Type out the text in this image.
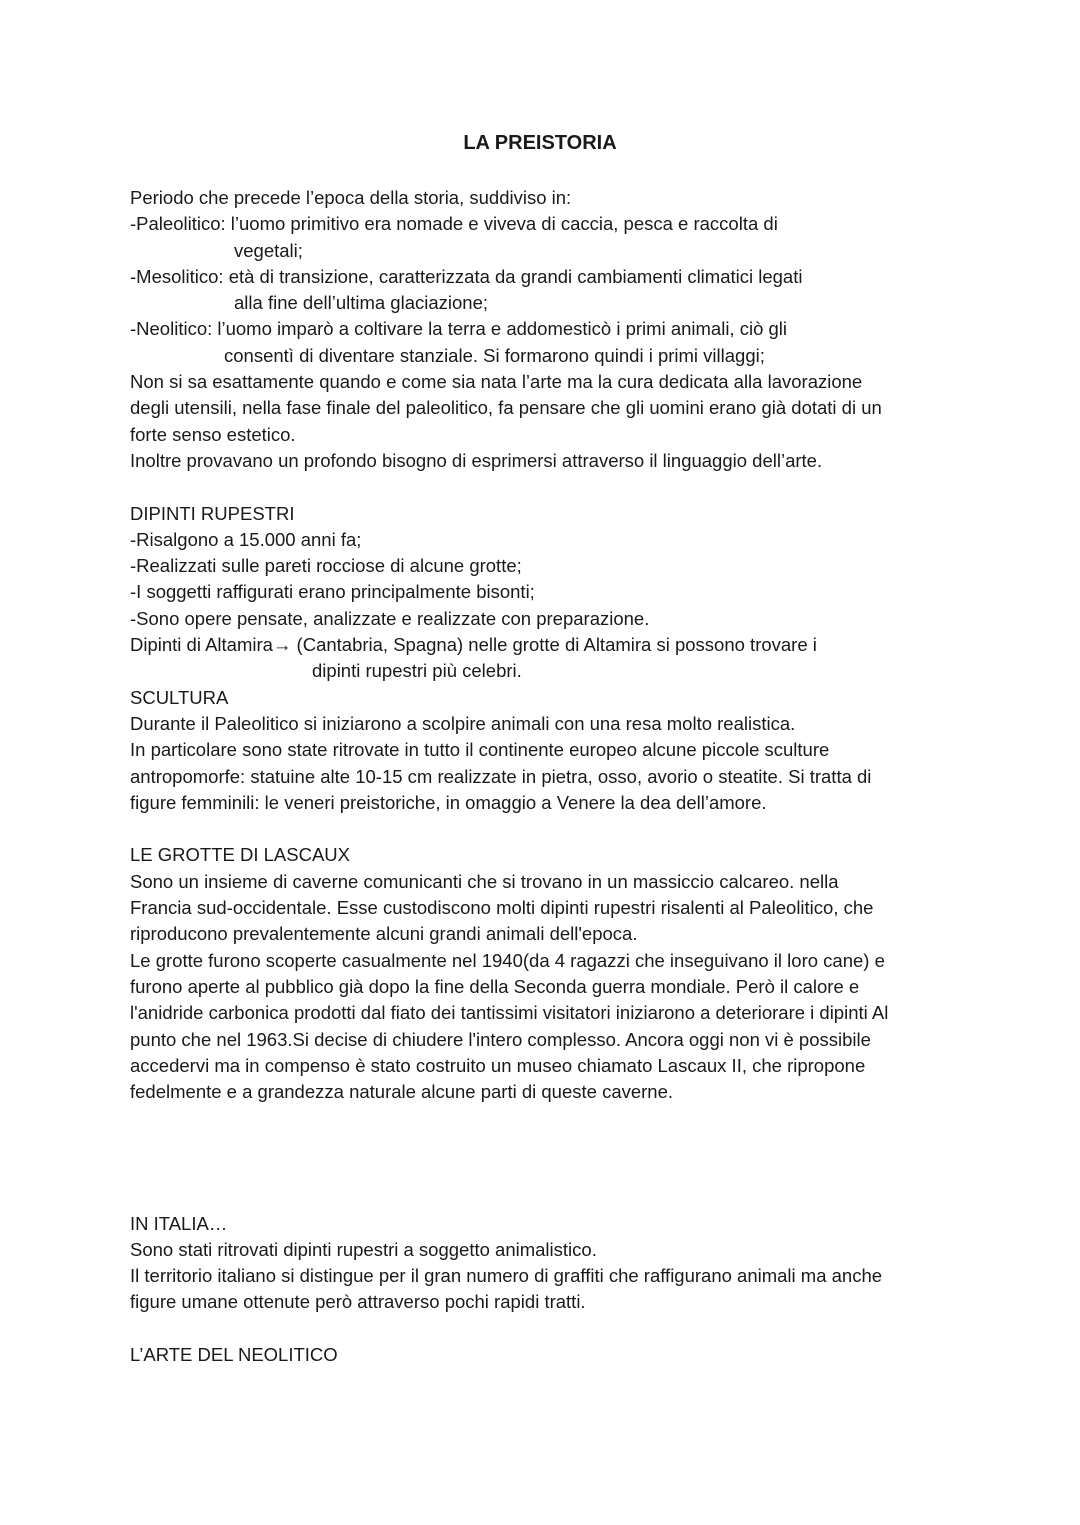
LA PREISTORIA
Periodo che precede l’epoca della storia, suddiviso in:
-Paleolitico: l’uomo primitivo era nomade e viveva di caccia, pesca e raccolta di
vegetali;
-Mesolitico: età di transizione, caratterizzata da grandi cambiamenti climatici legati
alla fine dell’ultima glaciazione;
-Neolitico: l’uomo imparò a coltivare la terra e addomesticò i primi animali, ciò gli
consentì di diventare stanziale. Si formarono quindi i primi villaggi;
Non si sa esattamente quando e come sia nata l’arte ma la cura dedicata alla lavorazione
degli utensili, nella fase finale del paleolitico, fa pensare che gli uomini erano già dotati di un
forte senso estetico.
Inoltre provavano un profondo bisogno di esprimersi attraverso il linguaggio dell’arte.
DIPINTI RUPESTRI
-Risalgono a 15.000 anni fa;
-Realizzati sulle pareti rocciose di alcune grotte;
-I soggetti raffigurati erano principalmente bisonti;
-Sono opere pensate, analizzate e realizzate con preparazione.
Dipinti di Altamira→ (Cantabria, Spagna) nelle grotte di Altamira si possono trovare i
dipinti rupestri più celebri.
SCULTURA
Durante il Paleolitico si iniziarono a scolpire animali con una resa molto realistica.
In particolare sono state ritrovate in tutto il continente europeo alcune piccole sculture
antropomorfe: statuine alte 10-15 cm realizzate in pietra, osso, avorio o steatite. Si tratta di
figure femminili: le veneri preistoriche, in omaggio a Venere la dea dell’amore.
LE GROTTE DI LASCAUX
Sono un insieme di caverne comunicanti che si trovano in un massiccio calcareo. nella
Francia sud-occidentale. Esse custodiscono molti dipinti rupestri risalenti al Paleolitico, che
riproducono prevalentemente alcuni grandi animali dell'epoca.
Le grotte furono scoperte casualmente nel 1940(da 4 ragazzi che inseguivano il loro cane) e
furono aperte al pubblico già dopo la fine della Seconda guerra mondiale. Però il calore e
l'anidride carbonica prodotti dal fiato dei tantissimi visitatori iniziarono a deteriorare i dipinti Al
punto che nel 1963.Si decise di chiudere l'intero complesso. Ancora oggi non vi è possibile
accedervi ma in compenso è stato costruito un museo chiamato Lascaux II, che ripropone
fedelmente e a grandezza naturale alcune parti di queste caverne.
IN ITALIA…
Sono stati ritrovati dipinti rupestri a soggetto animalistico.
Il territorio italiano si distingue per il gran numero di graffiti che raffigurano animali ma anche
figure umane ottenute però attraverso pochi rapidi tratti.
L’ARTE DEL NEOLITICO
